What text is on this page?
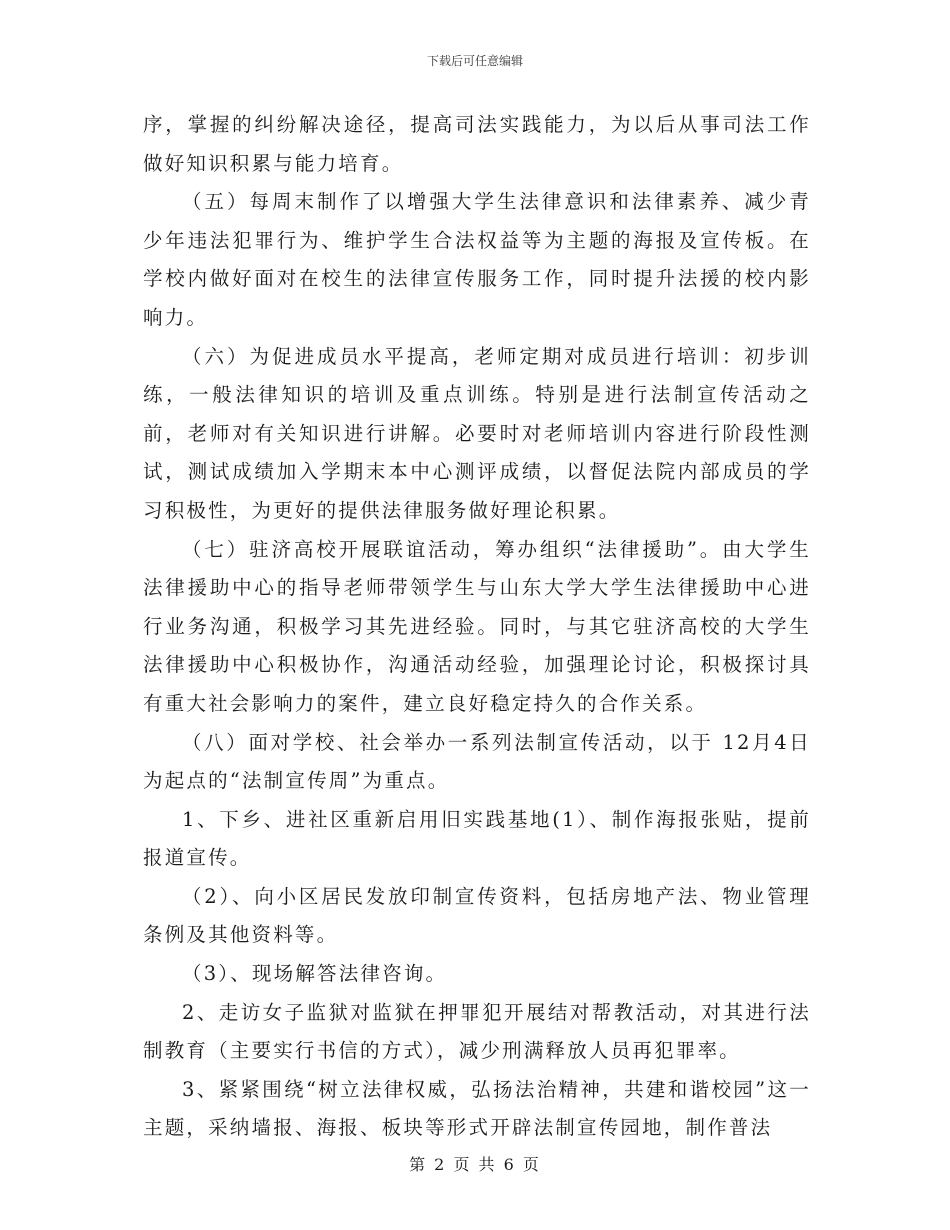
下载后可任意编辑

序，掌握的纠纷解决途径，提高司法实践能力，为以后从事司法工作做好知识积累与能力培育。

（五）每周末制作了以增强大学生法律意识和法律素养、减少青少年违法犯罪行为、维护学生合法权益等为主题的海报及宣传板。在学校内做好面对在校生的法律宣传服务工作，同时提升法援的校内影响力。

（六）为促进成员水平提高，老师定期对成员进行培训：初步训练，一般法律知识的培训及重点训练。特别是进行法制宣传活动之前，老师对有关知识进行讲解。必要时对老师培训内容进行阶段性测试，测试成绩加入学期末本中心测评成绩，以督促法院内部成员的学习积极性，为更好的提供法律服务做好理论积累。

（七）驻济高校开展联谊活动，筹办组织“法律援助”。由大学生法律援助中心的指导老师带领学生与山东大学大学生法律援助中心进行业务沟通，积极学习其先进经验。同时，与其它驻济高校的大学生法律援助中心积极协作，沟通活动经验，加强理论讨论，积极探讨具有重大社会影响力的案件，建立良好稳定持久的合作关系。

（八）面对学校、社会举办一系列法制宣传活动，以于 12月4日为起点的“法制宣传周”为重点。

1、下乡、进社区重新启用旧实践基地(1）、制作海报张贴，提前报道宣传。

（2）、向小区居民发放印制宣传资料，包括房地产法、物业管理条例及其他资料等。

（3）、现场解答法律咨询。

2、走访女子监狱对监狱在押罪犯开展结对帮教活动，对其进行法制教育（主要实行书信的方式），减少刑满释放人员再犯罪率。

3、紧紧围绕“树立法律权威，弘扬法治精神，共建和谐校园”这一主题，采纳墙报、海报、板块等形式开辟法制宣传园地，制作普法

第 2 页 共 6 页
